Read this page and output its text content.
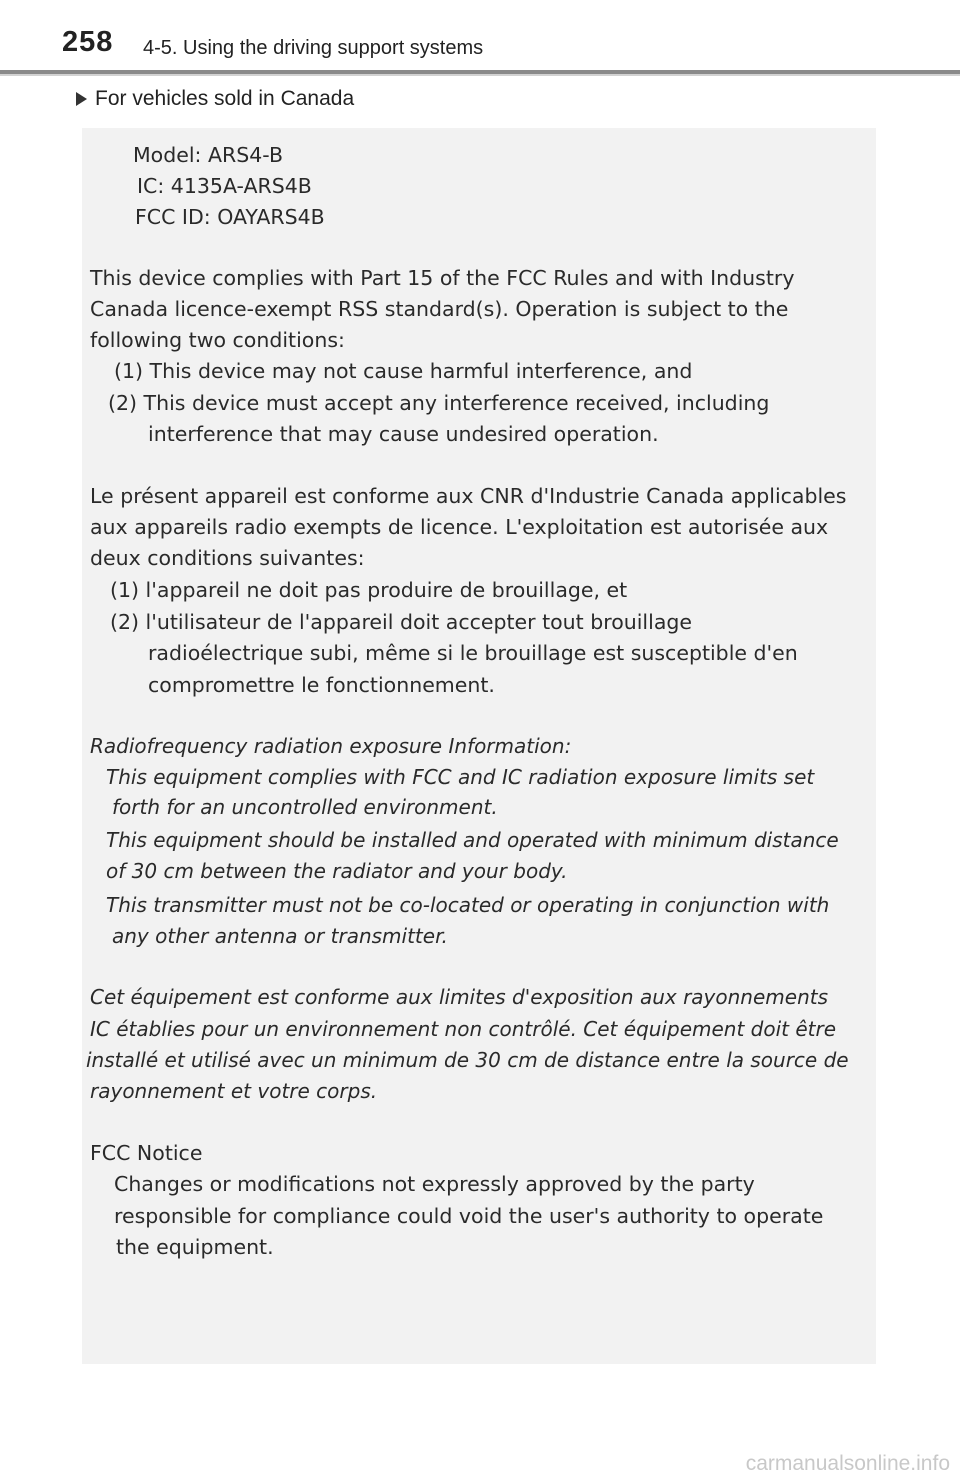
258 4-5. Using the driving support systems
For vehicles sold in Canada
Model: ARS4-B
IC: 4135A-ARS4B
FCC ID: OAYARS4B
This device complies with Part 15 of the FCC Rules and with Industry
Canada licence-exempt RSS standard(s). Operation is subject to the
following two conditions:
(1) This device may not cause harmful interference, and
(2) This device must accept any interference received, including
interference that may cause undesired operation.
Le présent appareil est conforme aux CNR d'Industrie Canada applicables
aux appareils radio exempts de licence. L'exploitation est autorisée aux
deux conditions suivantes:
(1) l'appareil ne doit pas produire de brouillage, et
(2) l'utilisateur de l'appareil doit accepter tout brouillage
radioélectrique subi, même si le brouillage est susceptible d'en
compromettre le fonctionnement.
Radiofrequency radiation exposure Information:
This equipment complies with FCC and IC radiation exposure limits set
forth for an uncontrolled environment.
This equipment should be installed and operated with minimum distance
of 30 cm between the radiator and your body.
This transmitter must not be co-located or operating in conjunction with
any other antenna or transmitter.
Cet équipement est conforme aux limites d'exposition aux rayonnements
IC établies pour un environnement non contrôlé. Cet équipement doit être
installé et utilisé avec un minimum de 30 cm de distance entre la source de
rayonnement et votre corps.
FCC Notice
Changes or modifications not expressly approved by the party
responsible for compliance could void the user's authority to operate
the equipment.
carmanualsonline.info
